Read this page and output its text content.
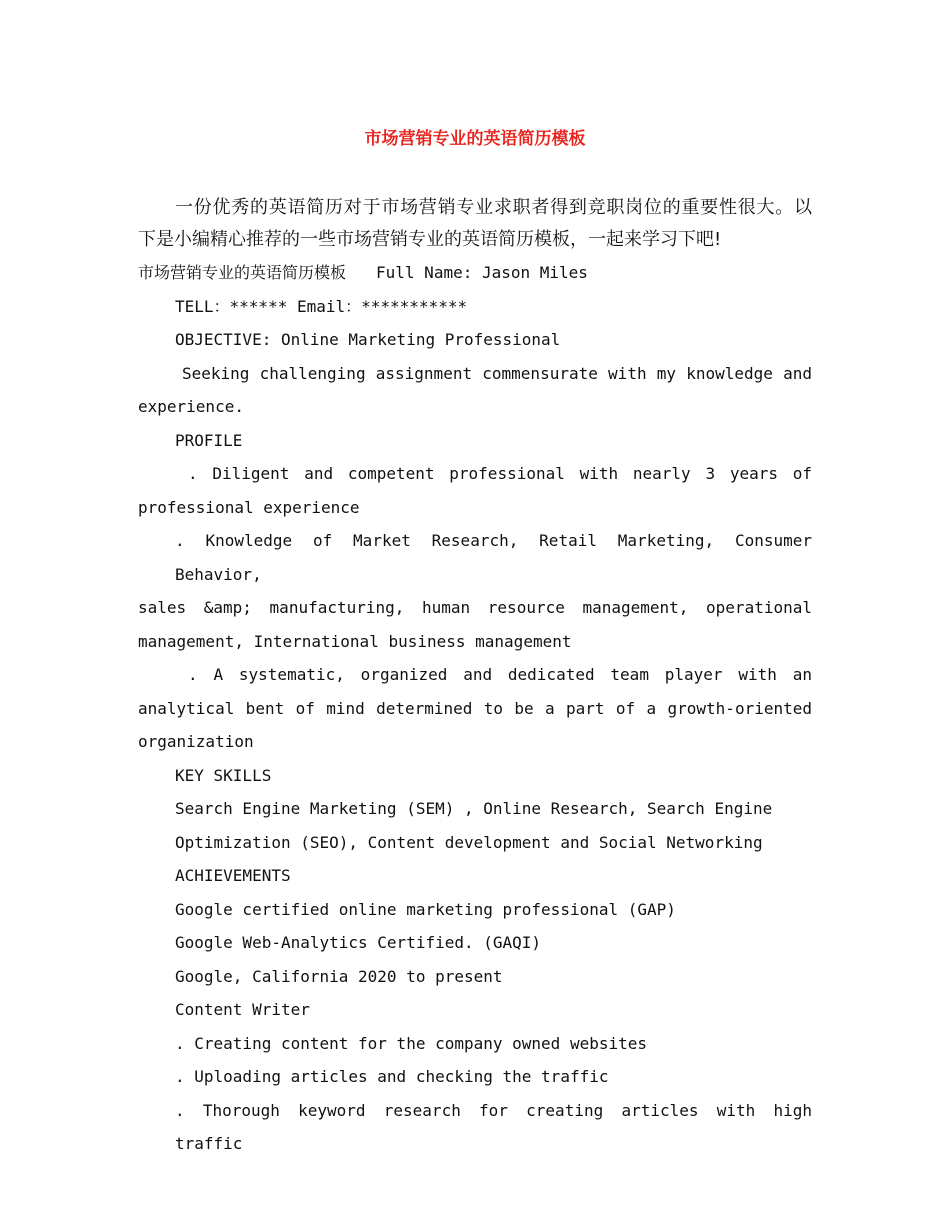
市场营销专业的英语简历模板
一份优秀的英语简历对于市场营销专业求职者得到竞职岗位的重要性很大。以
下是小编精心推荐的一些市场营销专业的英语简历模板，一起来学习下吧!
市场营销专业的英语简历模板 Full Name: Jason Miles
TELL：****** Email：***********
OBJECTIVE: Online Marketing Professional
Seeking challenging assignment commensurate with my knowledge and
experience.
PROFILE
. Diligent and competent professional with nearly 3 years of
professional experience
. Knowledge of Market Research, Retail Marketing, Consumer Behavior,
sales &amp; manufacturing, human resource management, operational
management, International business management
. A systematic, organized and dedicated team player with an
analytical bent of mind determined to be a part of a growth-oriented
organization
KEY SKILLS
Search Engine Marketing (SEM) , Online Research, Search Engine
Optimization (SEO), Content development and Social Networking
ACHIEVEMENTS
Google certified online marketing professional (GAP)
Google Web-Analytics Certified. (GAQI)
Google, California 2020 to present
Content Writer
. Creating content for the company owned websites
. Uploading articles and checking the traffic
. Thorough keyword research for creating articles with high traffic
